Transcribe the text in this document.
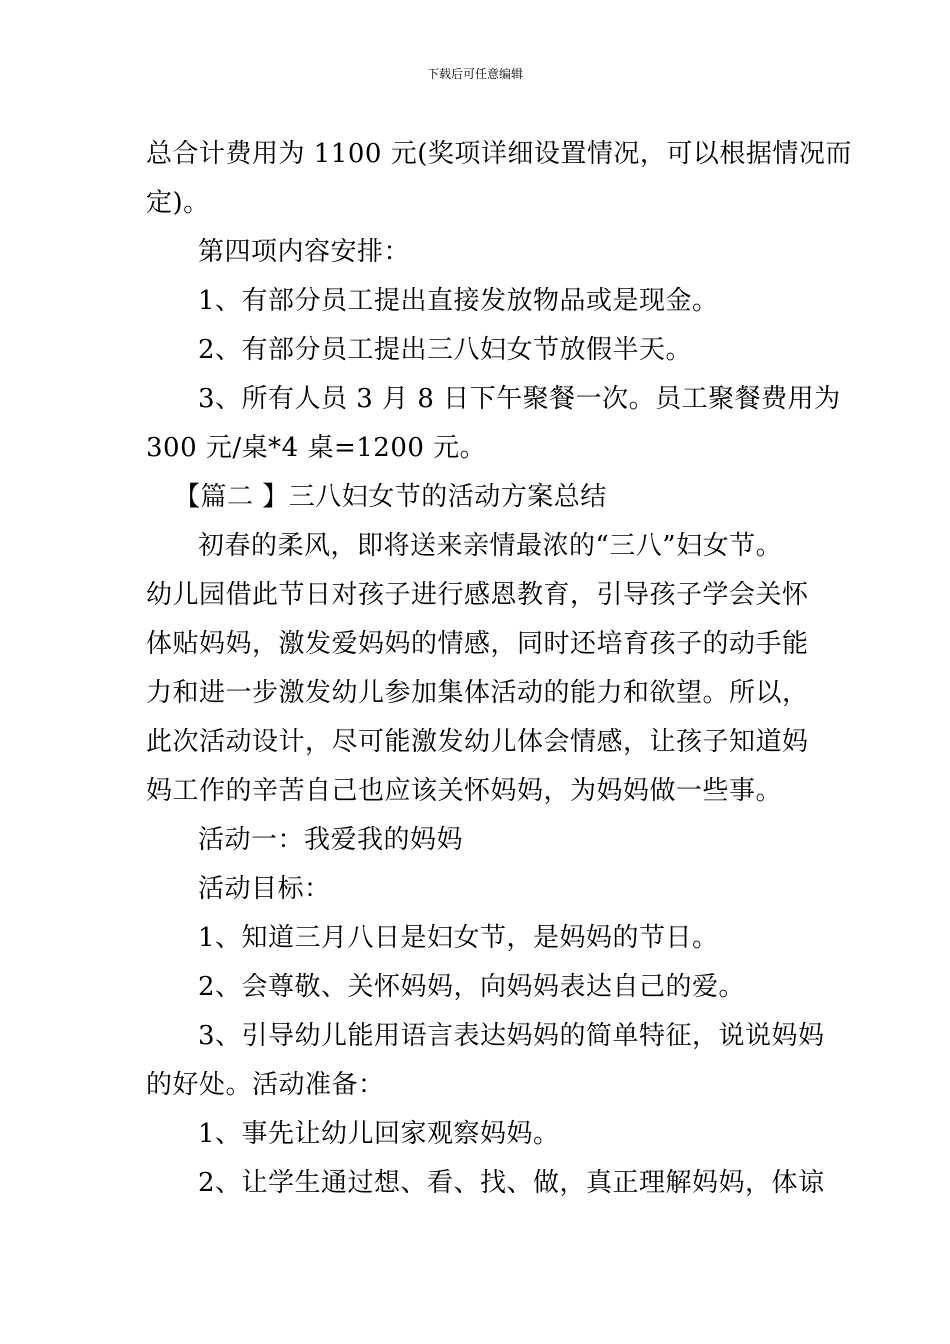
下载后可任意编辑

总合计费用为 1100 元(奖项详细设置情况，可以根据情况而

定)。

第四项内容安排：

1、有部分员工提出直接发放物品或是现金。

2、有部分员工提出三八妇女节放假半天。

3、所有人员 3 月 8 日下午聚餐一次。员工聚餐费用为

300 元/桌*4 桌=1200 元。

【篇二 】三八妇女节的活动方案总结

初春的柔风，即将送来亲情最浓的“三八”妇女节。

幼儿园借此节日对孩子进行感恩教育，引导孩子学会关怀

体贴妈妈，激发爱妈妈的情感，同时还培育孩子的动手能

力和进一步激发幼儿参加集体活动的能力和欲望。所以，

此次活动设计，尽可能激发幼儿体会情感，让孩子知道妈

妈工作的辛苦自己也应该关怀妈妈，为妈妈做一些事。

活动一：我爱我的妈妈

活动目标：

1、知道三月八日是妇女节，是妈妈的节日。

2、会尊敬、关怀妈妈，向妈妈表达自己的爱。

3、引导幼儿能用语言表达妈妈的简单特征，说说妈妈

的好处。活动准备：

1、事先让幼儿回家观察妈妈。

2、让学生通过想、看、找、做，真正理解妈妈，体谅
